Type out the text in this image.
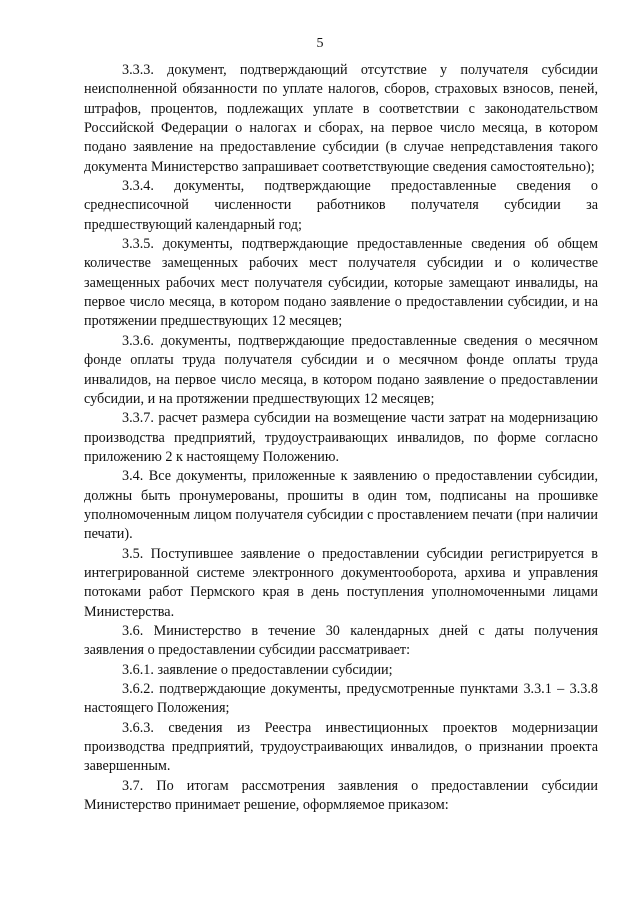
5

3.3.3. документ, подтверждающий отсутствие у получателя субсидии неисполненной обязанности по уплате налогов, сборов, страховых взносов, пеней, штрафов, процентов, подлежащих уплате в соответствии с законодательством Российской Федерации о налогах и сборах, на первое число месяца, в котором подано заявление на предоставление субсидии (в случае непредставления такого документа Министерство запрашивает соответствующие сведения самостоятельно);

3.3.4. документы, подтверждающие предоставленные сведения о среднесписочной численности работников получателя субсидии за предшествующий календарный год;

3.3.5. документы, подтверждающие предоставленные сведения об общем количестве замещенных рабочих мест получателя субсидии и о количестве замещенных рабочих мест получателя субсидии, которые замещают инвалиды, на первое число месяца, в котором подано заявление о предоставлении субсидии, и на протяжении предшествующих 12 месяцев;

3.3.6. документы, подтверждающие предоставленные сведения о месячном фонде оплаты труда получателя субсидии и о месячном фонде оплаты труда инвалидов, на первое число месяца, в котором подано заявление о предоставлении субсидии, и на протяжении предшествующих 12 месяцев;

3.3.7. расчет размера субсидии на возмещение части затрат на модернизацию производства предприятий, трудоустраивающих инвалидов, по форме согласно приложению 2 к настоящему Положению.

3.4. Все документы, приложенные к заявлению о предоставлении субсидии, должны быть пронумерованы, прошиты в один том, подписаны на прошивке уполномоченным лицом получателя субсидии с проставлением печати (при наличии печати).

3.5. Поступившее заявление о предоставлении субсидии регистрируется в интегрированной системе электронного документооборота, архива и управления потоками работ Пермского края в день поступления уполномоченными лицами Министерства.

3.6. Министерство в течение 30 календарных дней с даты получения заявления о предоставлении субсидии рассматривает:

3.6.1. заявление о предоставлении субсидии;

3.6.2. подтверждающие документы, предусмотренные пунктами 3.3.1 – 3.3.8 настоящего Положения;

3.6.3. сведения из Реестра инвестиционных проектов модернизации производства предприятий, трудоустраивающих инвалидов, о признании проекта завершенным.

3.7. По итогам рассмотрения заявления о предоставлении субсидии Министерство принимает решение, оформляемое приказом:
